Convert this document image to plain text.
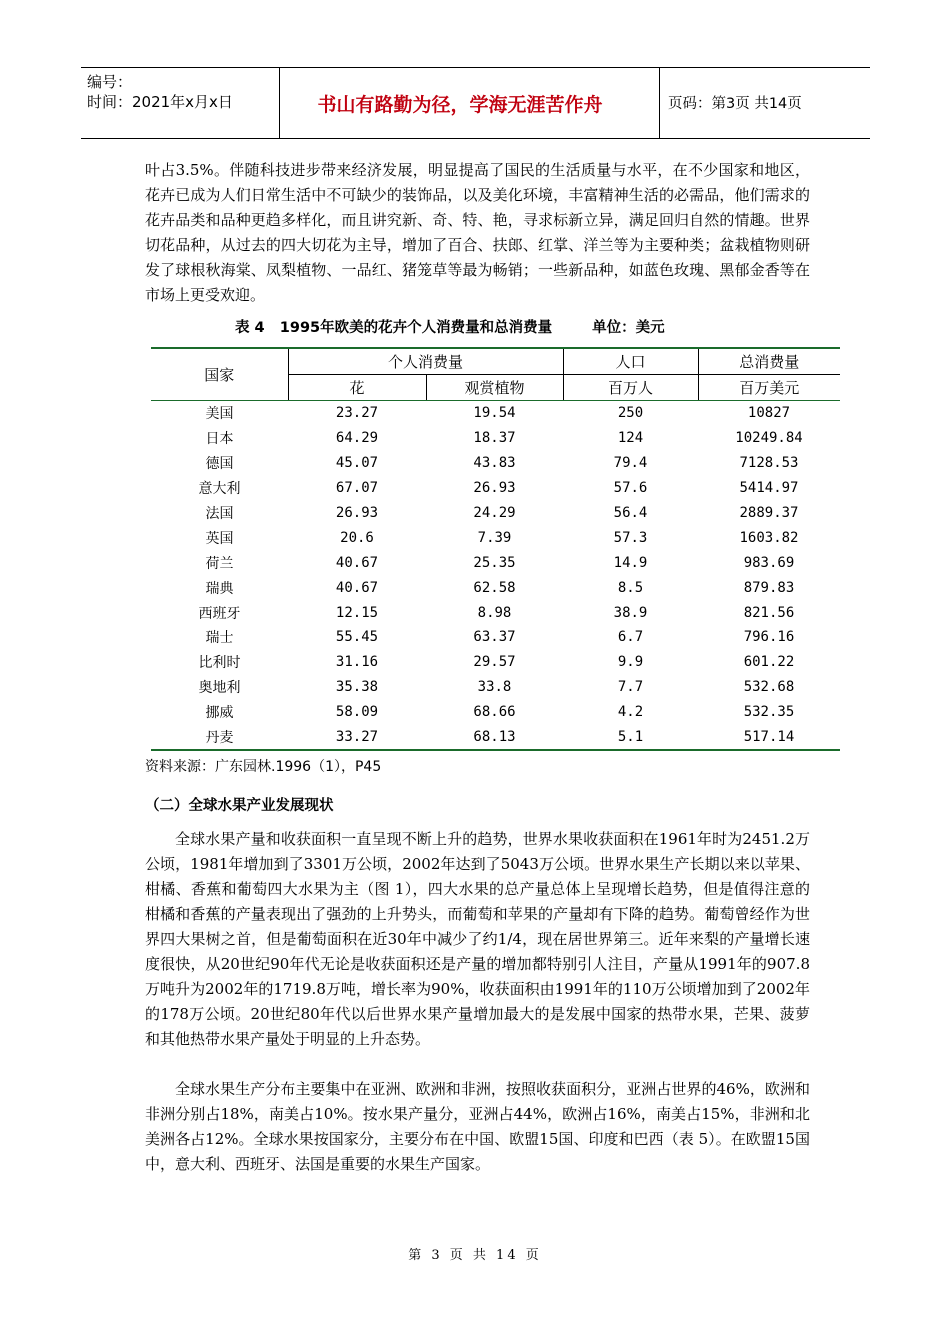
编号：
时间：2021年x月x日	书山有路勤为径，学海无涯苦作舟	页码：第3页 共14页

叶占3.5%。伴随科技进步带来经济发展，明显提高了国民的生活质量与水平，在不少国家和地区，花卉已成为人们日常生活中不可缺少的装饰品，以及美化环境，丰富精神生活的必需品，他们需求的花卉品类和品种更趋多样化，而且讲究新、奇、特、艳，寻求标新立异，满足回归自然的情趣。世界切花品种，从过去的四大切花为主导，增加了百合、扶郎、红掌、洋兰等为主要种类；盆栽植物则研发了球根秋海棠、凤梨植物、一品红、猪笼草等最为畅销；一些新品种，如蓝色玫瑰、黑郁金香等在市场上更受欢迎。

表 4   1995年欧美的花卉个人消费量和总消费量	单位：美元
国家	个人消费量		人口	总消费量
	花	观赏植物	百万人	百万美元
美国	23.27	19.54	250	10827
日本	64.29	18.37	124	10249.84
德国	45.07	43.83	79.4	7128.53
意大利	67.07	26.93	57.6	5414.97
法国	26.93	24.29	56.4	2889.37
英国	20.6	7.39	57.3	1603.82
荷兰	40.67	25.35	14.9	983.69
瑞典	40.67	62.58	8.5	879.83
西班牙	12.15	8.98	38.9	821.56
瑞士	55.45	63.37	6.7	796.16
比利时	31.16	29.57	9.9	601.22
奥地利	35.38	33.8	7.7	532.68
挪威	58.09	68.66	4.2	532.35
丹麦	33.27	68.13	5.1	517.14
资料来源：广东园林.1996（1），P45
（二）全球水果产业发展现状

全球水果产量和收获面积一直呈现不断上升的趋势，世界水果收获面积在1961年时为2451.2万公顷，1981年增加到了3301万公顷，2002年达到了5043万公顷。世界水果生产长期以来以苹果、柑橘、香蕉和葡萄四大水果为主（图 1），四大水果的总产量总体上呈现增长趋势，但是值得注意的柑橘和香蕉的产量表现出了强劲的上升势头，而葡萄和苹果的产量却有下降的趋势。葡萄曾经作为世界四大果树之首，但是葡萄面积在近30年中减少了约1/4，现在居世界第三。近年来梨的产量增长速度很快，从20世纪90年代无论是收获面积还是产量的增加都特别引人注目，产量从1991年的907.8万吨升为2002年的1719.8万吨，增长率为90%，收获面积由1991年的110万公顷增加到了2002年的178万公顷。20世纪80年代以后世界水果产量增加最大的是发展中国家的热带水果，芒果、菠萝和其他热带水果产量处于明显的上升态势。

全球水果生产分布主要集中在亚洲、欧洲和非洲，按照收获面积分，亚洲占世界的46%，欧洲和非洲分别占18%，南美占10%。按水果产量分，亚洲占44%，欧洲占16%，南美占15%，非洲和北美洲各占12%。全球水果按国家分，主要分布在中国、欧盟15国、印度和巴西（表 5）。在欧盟15国中，意大利、西班牙、法国是重要的水果生产国家。

第 3 页 共 14 页
